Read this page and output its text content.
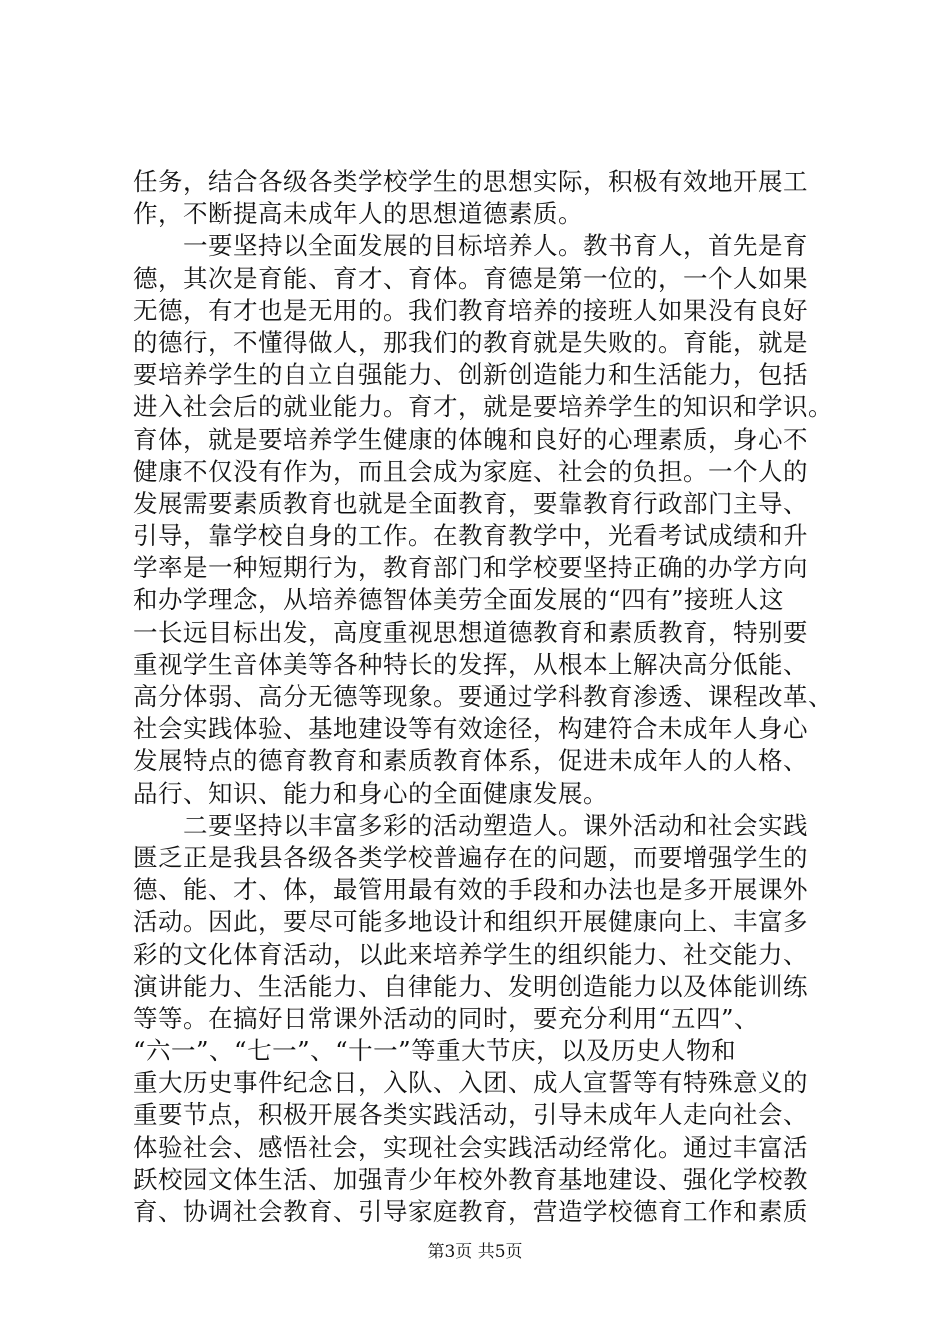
任务，结合各级各类学校学生的思想实际，积极有效地开展工
作，不断提高未成年人的思想道德素质。
　　一要坚持以全面发展的目标培养人。教书育人，首先是育
德，其次是育能、育才、育体。育德是第一位的，一个人如果
无德，有才也是无用的。我们教育培养的接班人如果没有良好
的德行，不懂得做人，那我们的教育就是失败的。育能，就是
要培养学生的自立自强能力、创新创造能力和生活能力，包括
进入社会后的就业能力。育才，就是要培养学生的知识和学识。
育体，就是要培养学生健康的体魄和良好的心理素质，身心不
健康不仅没有作为，而且会成为家庭、社会的负担。一个人的
发展需要素质教育也就是全面教育，要靠教育行政部门主导、
引导，靠学校自身的工作。在教育教学中，光看考试成绩和升
学率是一种短期行为，教育部门和学校要坚持正确的办学方向
和办学理念，从培养德智体美劳全面发展的“四有”接班人这
一长远目标出发，高度重视思想道德教育和素质教育，特别要
重视学生音体美等各种特长的发挥，从根本上解决高分低能、
高分体弱、高分无德等现象。要通过学科教育渗透、课程改革、
社会实践体验、基地建设等有效途径，构建符合未成年人身心
发展特点的德育教育和素质教育体系，促进未成年人的人格、
品行、知识、能力和身心的全面健康发展。
　　二要坚持以丰富多彩的活动塑造人。课外活动和社会实践
匮乏正是我县各级各类学校普遍存在的问题，而要增强学生的
德、能、才、体，最管用最有效的手段和办法也是多开展课外
活动。因此，要尽可能多地设计和组织开展健康向上、丰富多
彩的文化体育活动，以此来培养学生的组织能力、社交能力、
演讲能力、生活能力、自律能力、发明创造能力以及体能训练
等等。在搞好日常课外活动的同时，要充分利用“五四”、
“六一”、“七一”、“十一”等重大节庆，以及历史人物和
重大历史事件纪念日，入队、入团、成人宣誓等有特殊意义的
重要节点，积极开展各类实践活动，引导未成年人走向社会、
体验社会、感悟社会，实现社会实践活动经常化。通过丰富活
跃校园文体生活、加强青少年校外教育基地建设、强化学校教
育、协调社会教育、引导家庭教育，营造学校德育工作和素质
第3页 共5页
